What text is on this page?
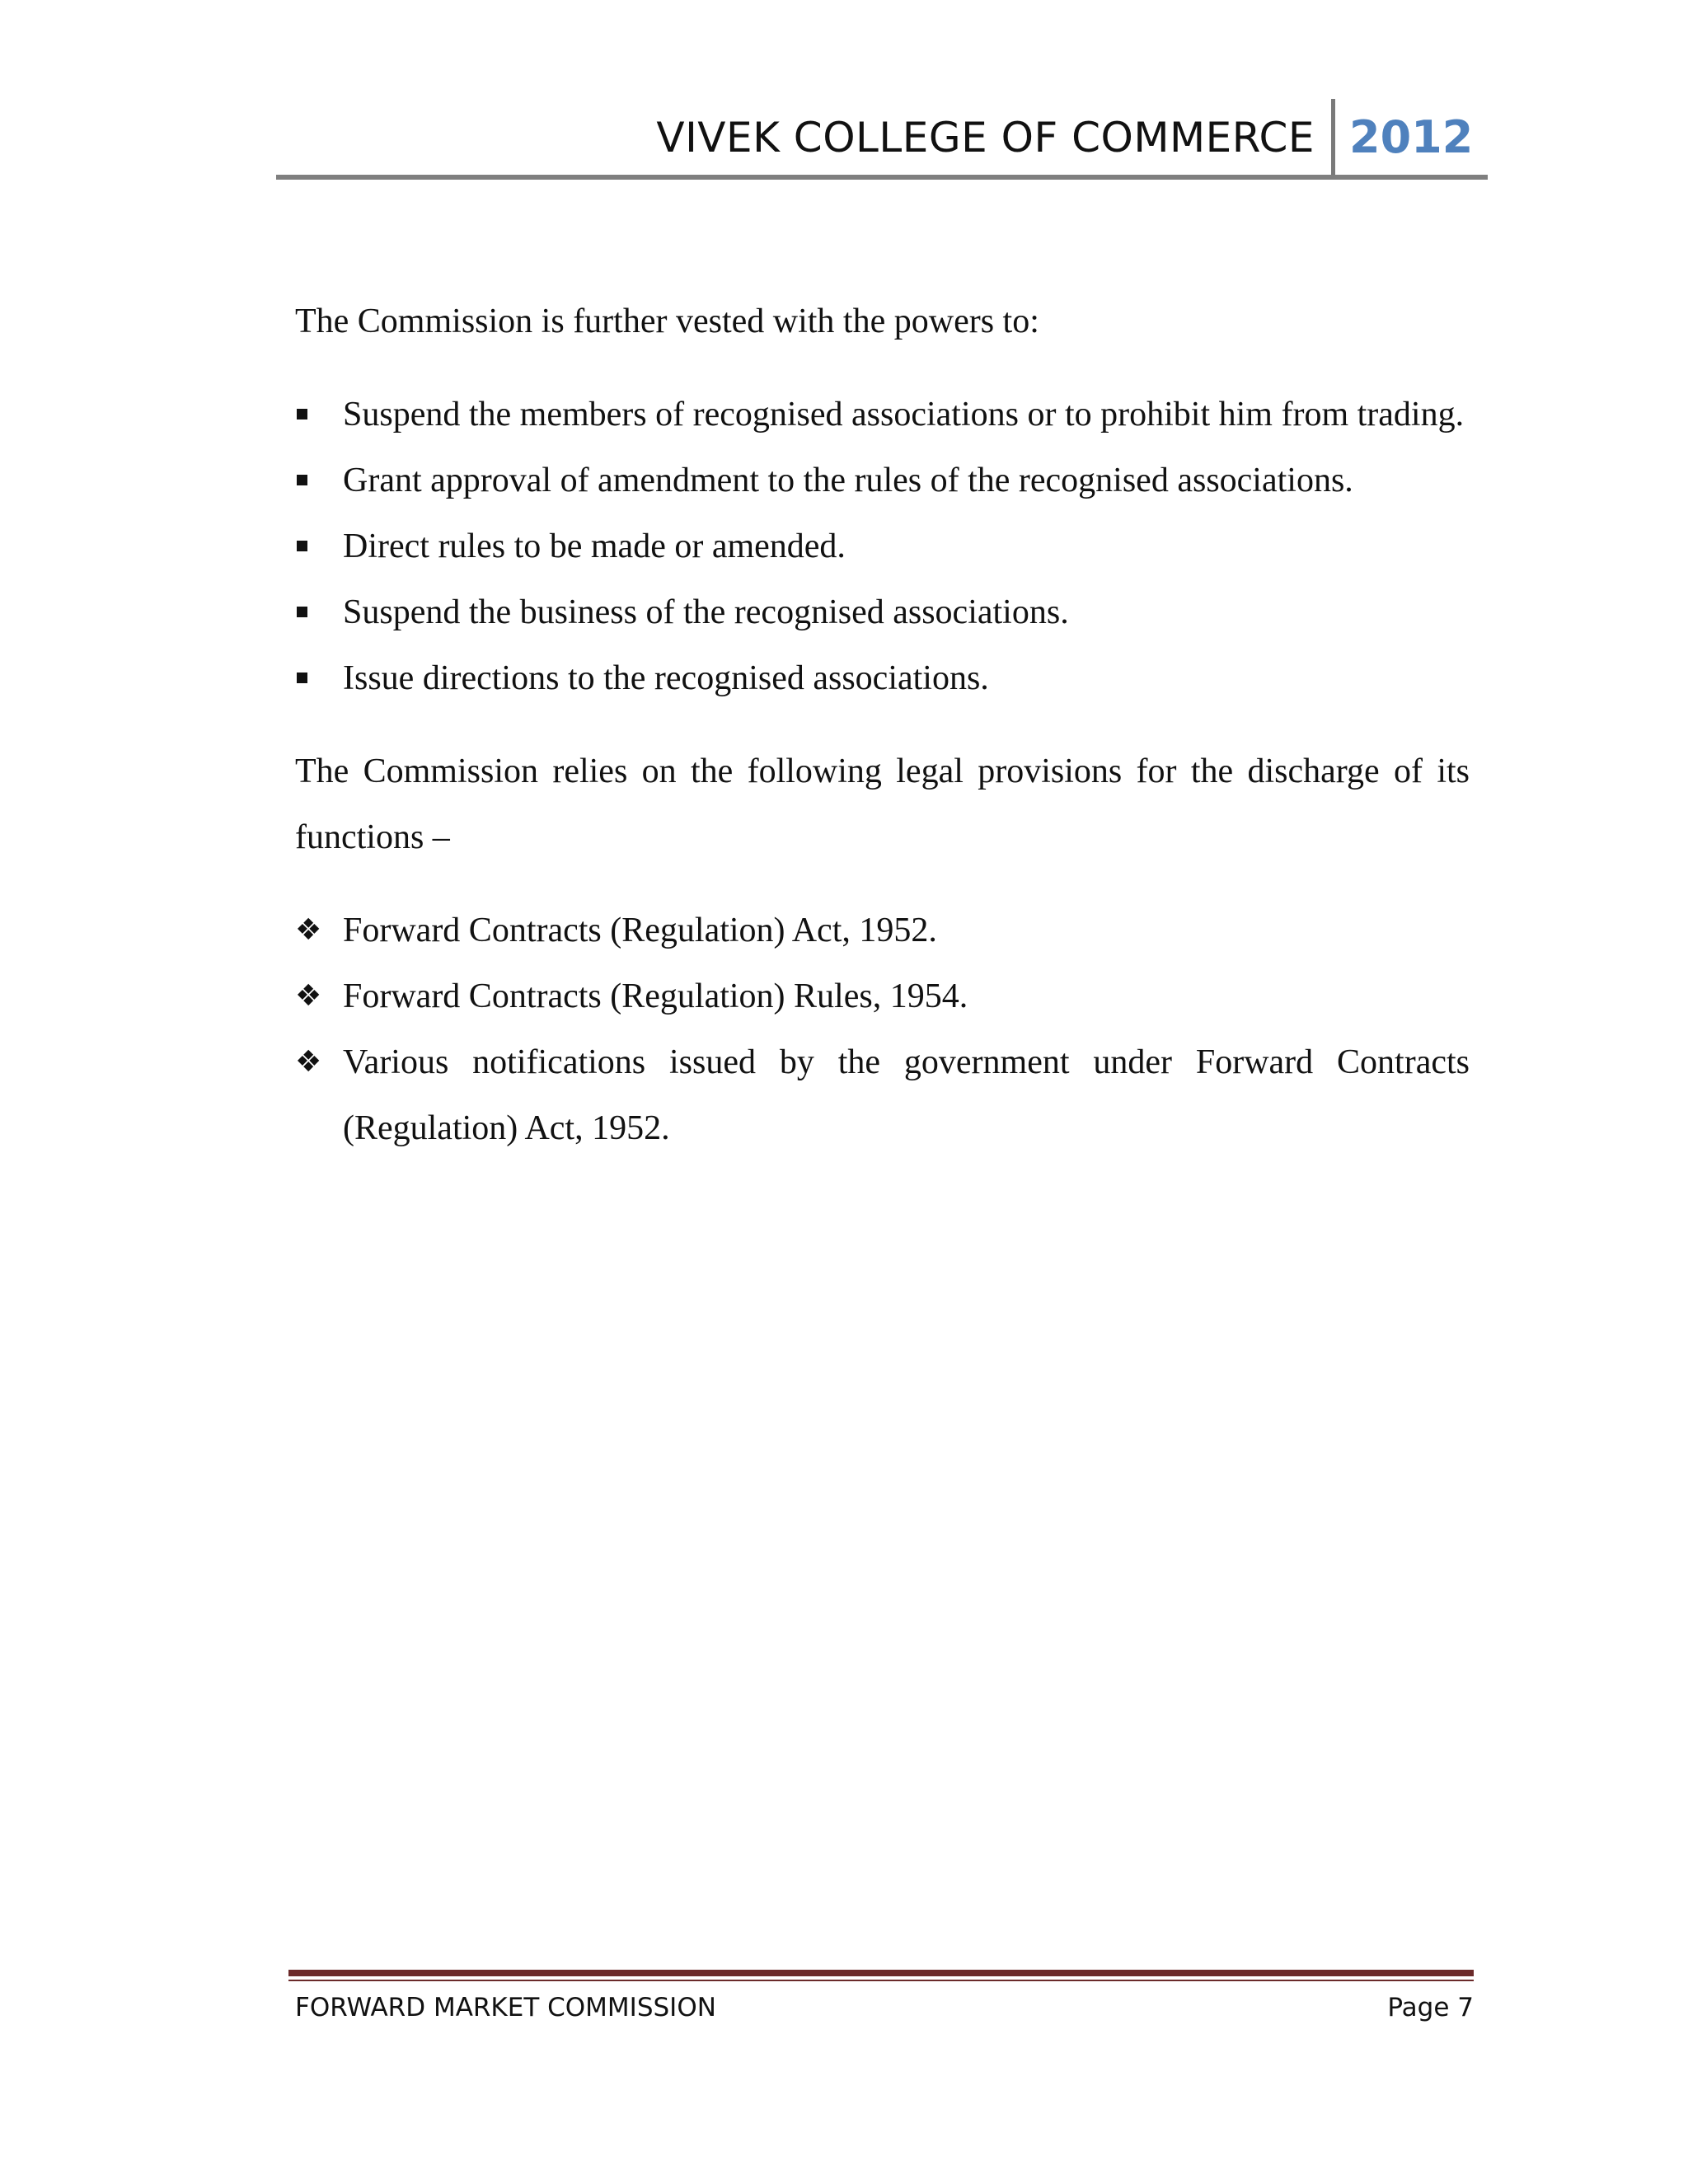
VIVEK COLLEGE OF COMMERCE 2012

The Commission is further vested with the powers to:

Suspend the members of recognised associations or to prohibit him from trading.
Grant approval of amendment to the rules of the recognised associations.
Direct rules to be made or amended.
Suspend the business of the recognised associations.
Issue directions to the recognised associations.

The Commission relies on the following legal provisions for the discharge of its functions –

❖ Forward Contracts (Regulation) Act, 1952.
❖ Forward Contracts (Regulation) Rules, 1954.
❖ Various notifications issued by the government under Forward Contracts (Regulation) Act, 1952.
FORWARD MARKET COMMISSION	Page 7
